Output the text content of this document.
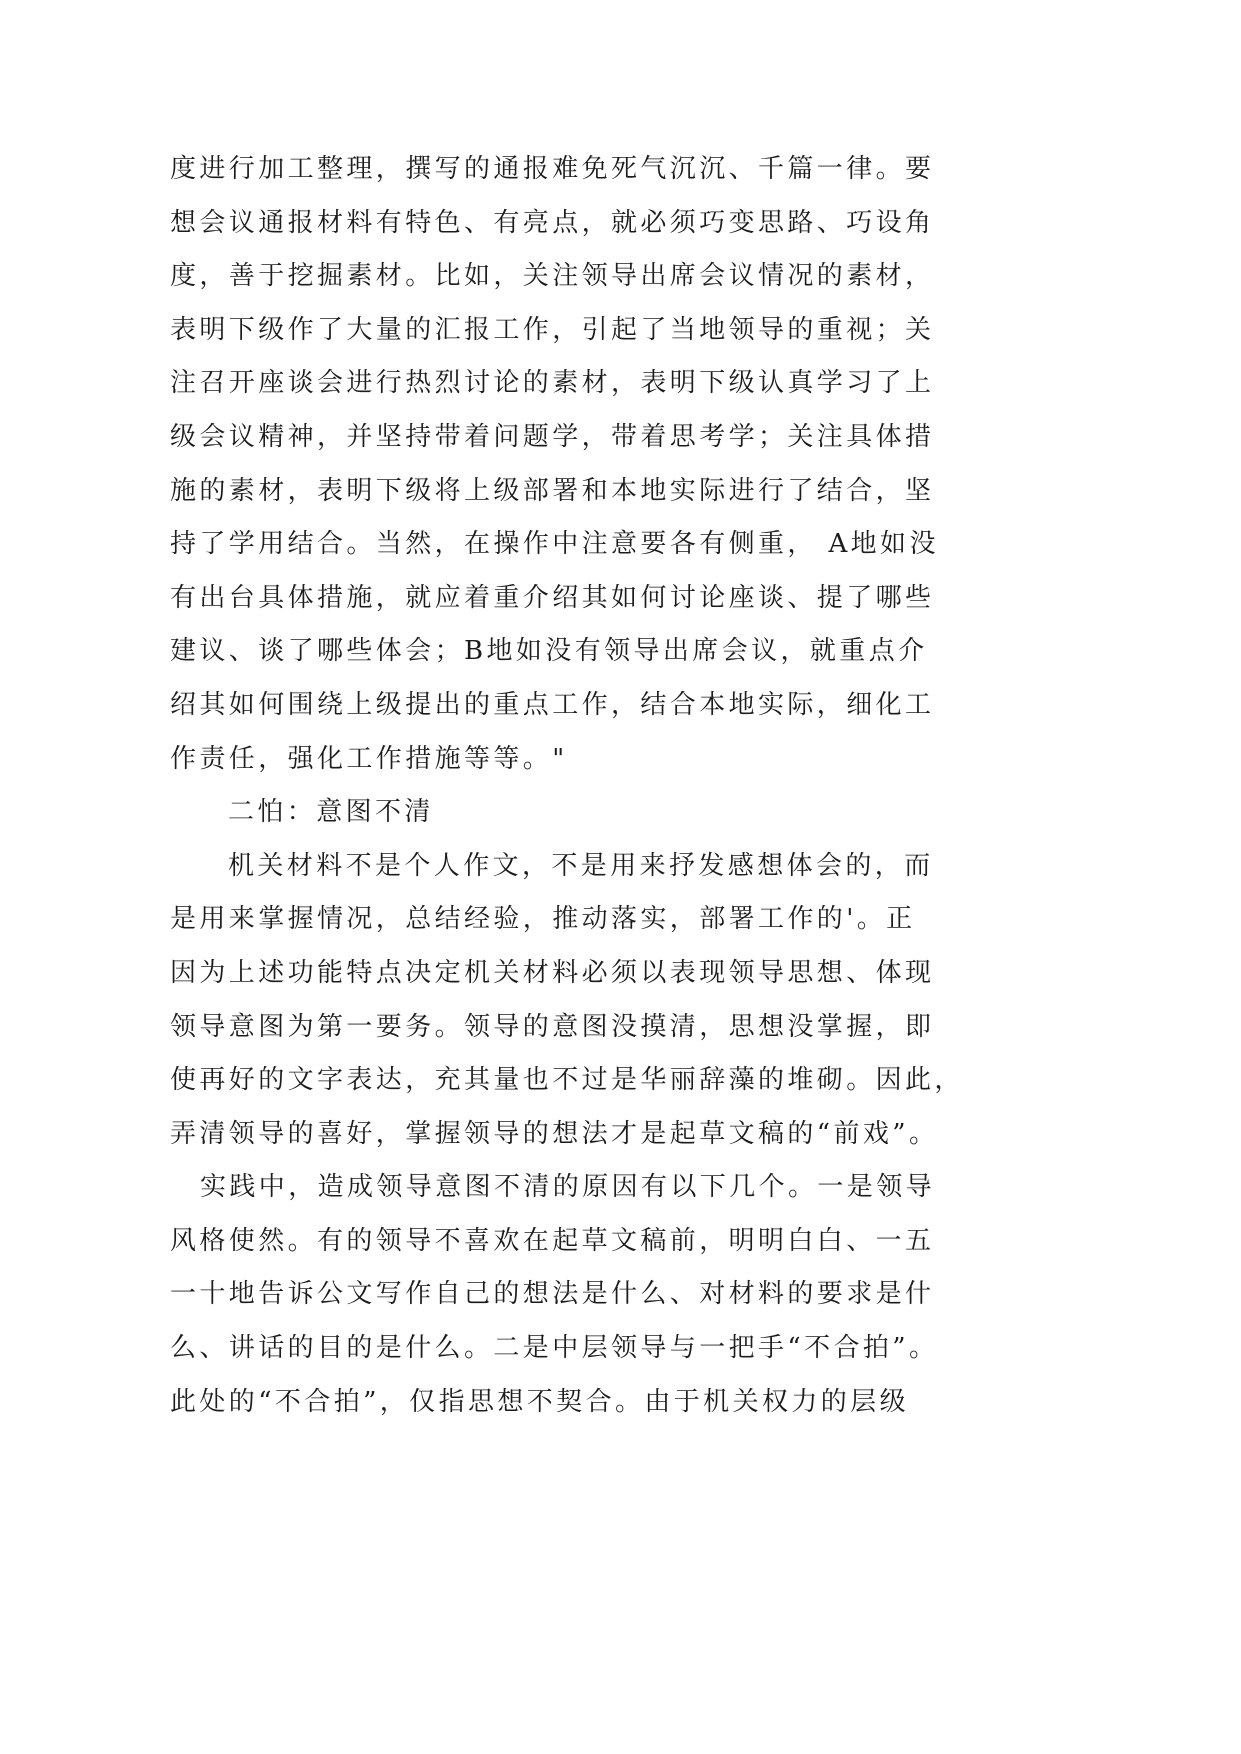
度进行加工整理，撰写的通报难免死气沉沉、千篇一律。要
想会议通报材料有特色、有亮点，就必须巧变思路、巧设角
度，善于挖掘素材。比如，关注领导出席会议情况的素材，
表明下级作了大量的汇报工作，引起了当地领导的重视；关
注召开座谈会进行热烈讨论的素材，表明下级认真学习了上
级会议精神，并坚持带着问题学，带着思考学；关注具体措
施的素材，表明下级将上级部署和本地实际进行了结合，坚
持了学用结合。当然，在操作中注意要各有侧重， A地如没
有出台具体措施，就应着重介绍其如何讨论座谈、提了哪些
建议、谈了哪些体会；B地如没有领导出席会议，就重点介
绍其如何围绕上级提出的重点工作，结合本地实际，细化工
作责任，强化工作措施等等。"
二怕：意图不清
机关材料不是个人作文，不是用来抒发感想体会的，而
是用来掌握情况，总结经验，推动落实，部署工作的'。正
因为上述功能特点决定机关材料必须以表现领导思想、体现
领导意图为第一要务。领导的意图没摸清，思想没掌握，即
使再好的文字表达，充其量也不过是华丽辞藻的堆砌。因此，
弄清领导的喜好，掌握领导的想法才是起草文稿的“前戏”。
实践中，造成领导意图不清的原因有以下几个。一是领导
风格使然。有的领导不喜欢在起草文稿前，明明白白、一五
一十地告诉公文写作自己的想法是什么、对材料的要求是什
么、讲话的目的是什么。二是中层领导与一把手“不合拍”。
此处的“不合拍”，仅指思想不契合。由于机关权力的层级
